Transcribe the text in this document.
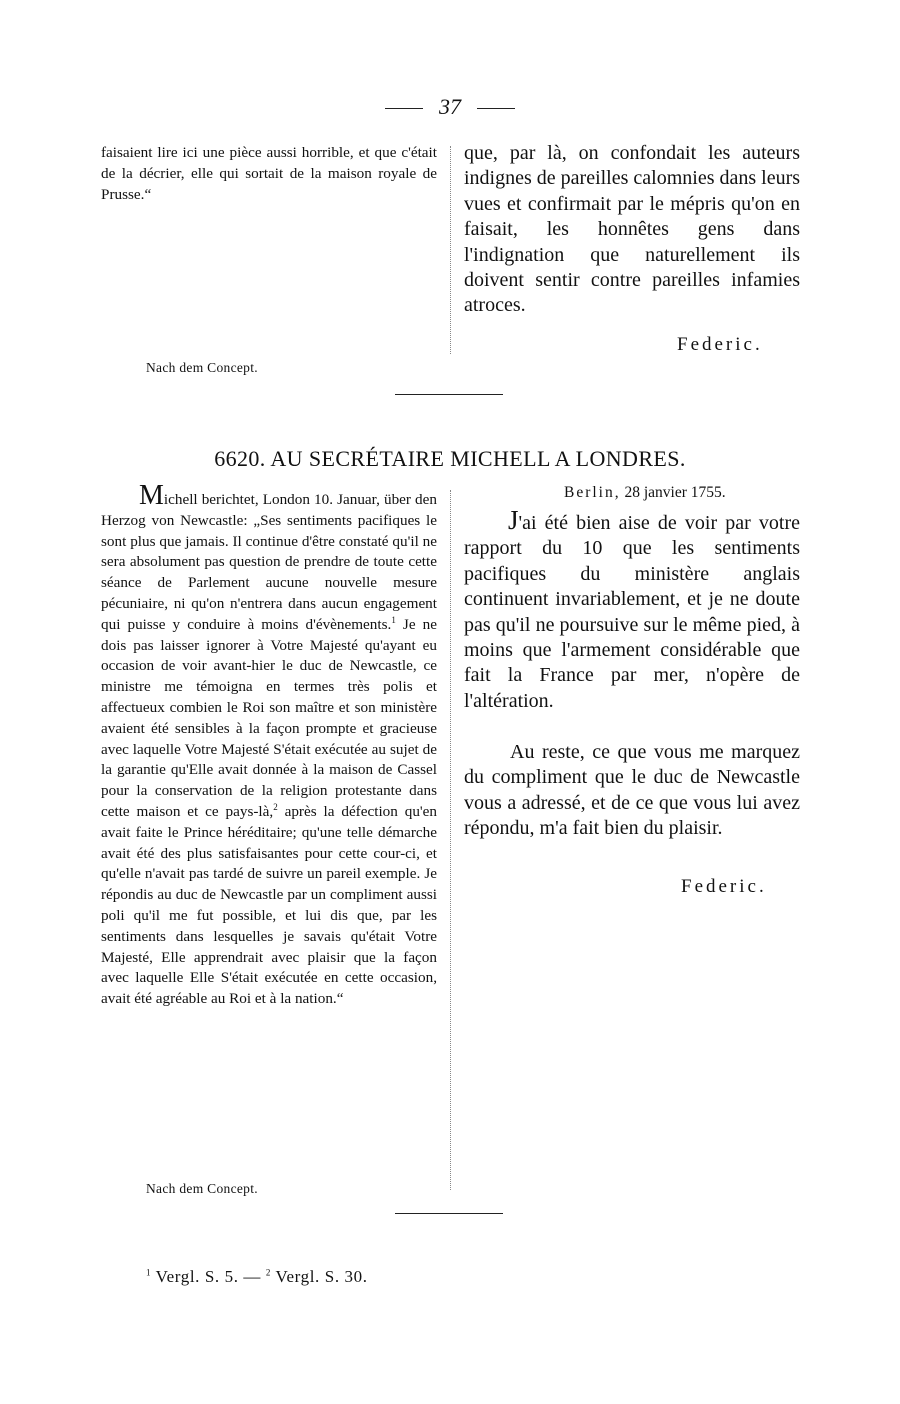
37
faisaient lire ici une pièce aussi horrible, et que c'était de la décrier, elle qui sortait de la maison royale de Prusse.“
que, par là, on confondait les auteurs indignes de pareilles calomnies dans leurs vues et confirmait par le mépris qu'on en faisait, les honnêtes gens dans l'indignation que naturellement ils doivent sentir contre pareilles infamies atroces.
Federic.
Nach dem Concept.
6620. AU SECRÉTAIRE MICHELL A LONDRES.
Michell berichtet, London 10. Januar, über den Herzog von Newcastle: „Ses sentiments pacifiques le sont plus que jamais. Il continue d'être constaté qu'il ne sera absolument pas question de prendre de toute cette séance de Parlement aucune nouvelle mesure pécuniaire, ni qu'on n'entrera dans aucun engagement qui puisse y conduire à moins d'évènements.$^1$ Je ne dois pas laisser ignorer à Votre Majesté qu'ayant eu occasion de voir avant-hier le duc de Newcastle, ce ministre me témoigna en termes très polis et affectueux combien le Roi son maître et son ministère avaient été sensibles à la façon prompte et gracieuse avec laquelle Votre Majesté S'était exécutée au sujet de la garantie qu'Elle avait donnée à la maison de Cassel pour la conservation de la religion protestante dans cette maison et ce pays-là,$^2$ après la défection qu'en avait faite le Prince héréditaire; qu'une telle démarche avait été des plus satisfaisantes pour cette cour-ci, et qu'elle n'avait pas tardé de suivre un pareil exemple. Je répondis au duc de Newcastle par un compliment aussi poli qu'il me fut possible, et lui dis que, par les sentiments dans lesquelles je savais qu'était Votre Majesté, Elle apprendrait avec plaisir que la façon avec laquelle Elle S'était exécutée en cette occasion, avait été agréable au Roi et à la nation.“
Nach dem Concept.
Berlin, 28 janvier 1755.
J'ai été bien aise de voir par votre rapport du 10 que les sentiments pacifiques du ministère anglais continuent invariablement, et je ne doute pas qu'il ne poursuive sur le même pied, à moins que l'armement considérable que fait la France par mer, n'opère de l'altération.
Au reste, ce que vous me marquez du compliment que le duc de Newcastle vous a adressé, et de ce que vous lui avez répondu, m'a fait bien du plaisir.
Federic.
$^1$ Vergl. S. 5. — $^2$ Vergl. S. 30.
